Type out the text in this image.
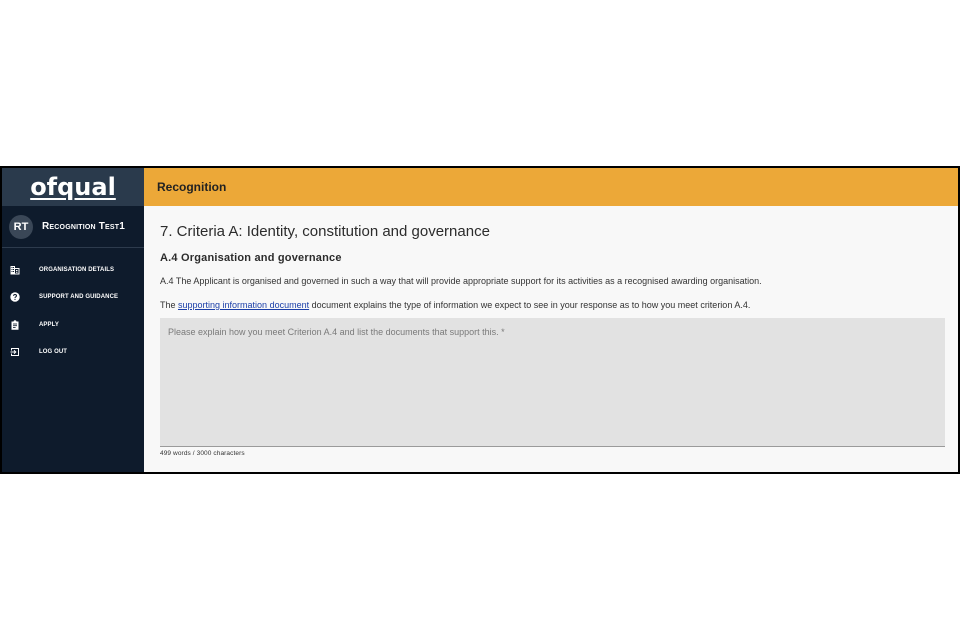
ofqual
RT	Recognition Test1
ORGANISATION DETAILS
SUPPORT AND GUIDANCE
APPLY
LOG OUT
Recognition
7. Criteria A: Identity, constitution and governance
A.4 Organisation and governance

A.4 The Applicant is organised and governed in such a way that will provide appropriate support for its activities as a recognised awarding organisation.

The supporting information document document explains the type of information we expect to see in your response as to how you meet criterion A.4.

Please explain how you meet Criterion A.4 and list the documents that support this. *
499 words / 3000 characters
